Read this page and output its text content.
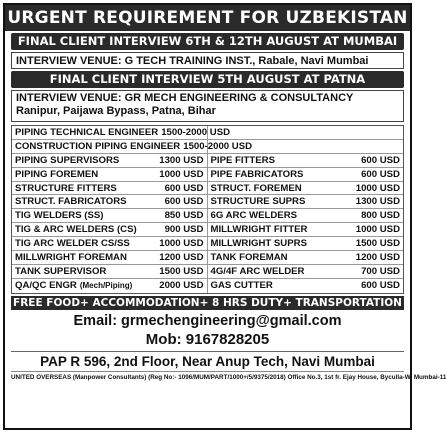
URGENT REQUIREMENT FOR UZBEKISTAN
FINAL CLIENT INTERVIEW 6TH & 12TH AUGUST AT MUMBAI
INTERVIEW VENUE: G TECH TRAINING INST., Rabale, Navi Mumbai
FINAL CLIENT INTERVIEW 5TH AUGUST AT PATNA
INTERVIEW VENUE: GR MECH ENGINEERING & CONSULTANCY
Ranipur, Paijawa Bypass, Patna, Bihar
PIPING TECHNICAL ENGINEER 1500-2000 USD
CONSTRUCTION PIPING ENGINEER 1500-2000 USD
PIPING SUPERVISORS	1300 USD PIPE FITTERS	600 USD
PIPING FOREMEN	1000 USD PIPE FABRICATORS	600 USD
STRUCTURE FITTERS	600 USD STRUCT. FOREMEN	1000 USD
STRUCT. FABRICATORS	600 USD STRUCTURE SUPRS	1300 USD
TIG WELDERS (SS)	850 USD 6G ARC WELDERS	800 USD
TIG & ARC WELDERS (CS)	900 USD MILLWRIGHT FITTER	1000 USD
TIG ARC WELDER CS/SS	1000 USD MILLWRIGHT SUPRS	1500 USD
MILLWRIGHT FOREMAN	1200 USD TANK FOREMAN	1200 USD
TANK SUPERVISOR	1500 USD 4G/4F ARC WELDER	700 USD
QA/QC ENGR (Mech/Piping)	2000 USD GAS CUTTER	600 USD
FREE FOOD+ ACCOMMODATION+ 8 HRS DUTY+ TRANSPORTATION
Email: grmechengineering@gmail.com
Mob: 9167828205
PAP R 596, 2nd Floor, Near Anup Tech, Navi Mumbai
UNITED OVERSEAS (Manpower Consultants) (Reg No:- 1096/MUM/PART/1000+/5/9375/2018) Office No.3, 1st fr. Ejay House, Byculla-W, Mumbai-11
